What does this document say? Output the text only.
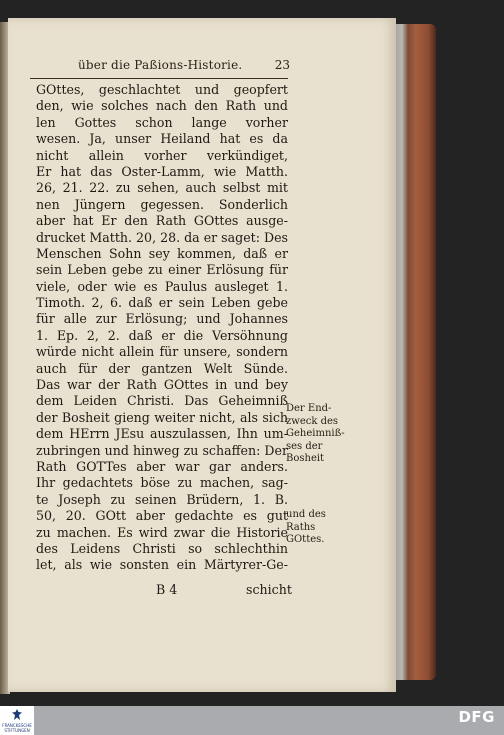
über die Paßions-Historie.	23
GOttes, geschlachtet und geopfert
den, wie solches nach den Rath und
len Gottes schon lange vorher
wesen. Ja, unser Heiland hat es da
nicht allein vorher verkündiget,
Er hat das Oster-Lamm, wie Matth.
26, 21. 22. zu sehen, auch selbst mit
nen Jüngern gegessen. Sonderlich
aber hat Er den Rath GOttes ausge-
drucket Matth. 20, 28. da er saget: Des
Menschen Sohn sey kommen, daß er
sein Leben gebe zu einer Erlösung für
viele, oder wie es Paulus ausleget 1.
Timoth. 2, 6. daß er sein Leben gebe
für alle zur Erlösung; und Johannes
1. Ep. 2, 2. daß er die Versöhnung
würde nicht allein für unsere, sondern
auch für der gantzen Welt Sünde.
Das war der Rath GOttes in und bey
dem Leiden Christi. Das Geheimniß
der Bosheit gieng weiter nicht, als sich
dem HErrn JEsu auszulassen, Ihn um-
zubringen und hinweg zu schaffen: Der
Rath GOTTes aber war gar anders.
Ihr gedachtets böse zu machen, sag-
te Joseph zu seinen Brüdern, 1. B.
50, 20. GOtt aber gedachte es gut
zu machen. Es wird zwar die Historie
des Leidens Christi so schlechthin
let, als wie sonsten ein Märtyrer-Ge-
B 4	schicht
Der End-
zweck des
Geheimniß-
ses der
Bosheit
und des
Raths
GOttes.
FRANCKESCHE
STIFTUNGEN
DFG
